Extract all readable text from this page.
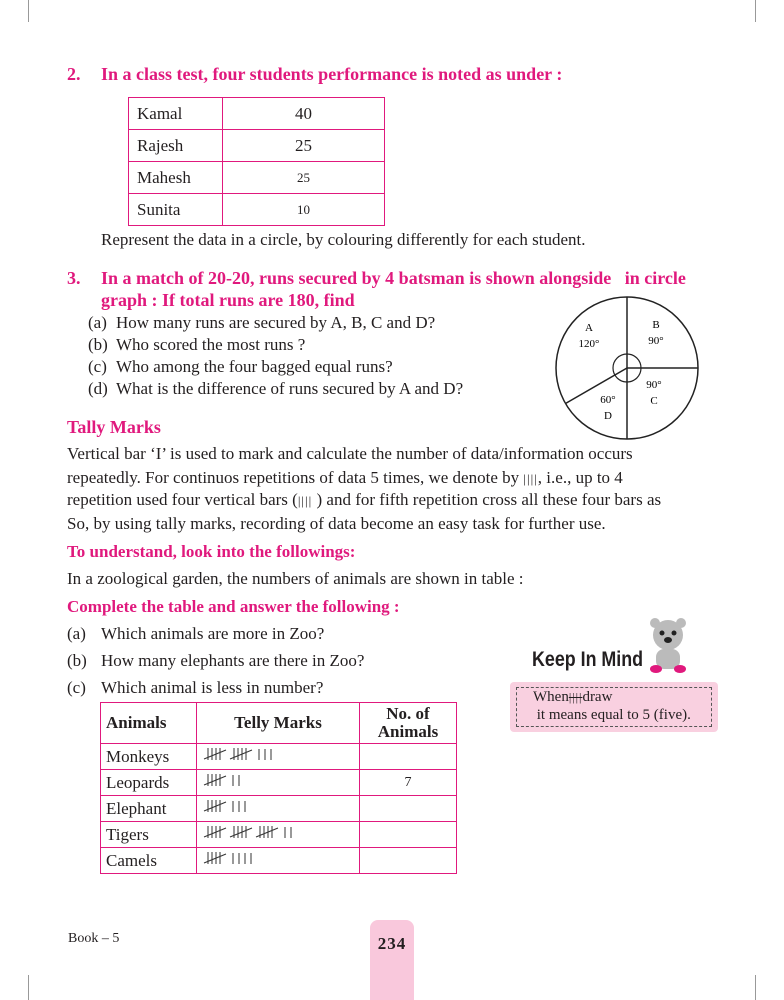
2. In a class test, four students performance is noted as under :
Kamal	40
Rajesh	25
Mahesh	25
Sunita	10
Represent the data in a circle, by colouring differently for each student.
3. In a match of 20-20, runs secured by 4 batsman is shown alongside   in circle
graph : If total runs are 180, find
(a) How many runs are secured by A, B, C and D?
(b) Who scored the most runs ?
(c) Who among the four bagged equal runs?
(d) What is the difference of runs secured by A and D?
A
120°
B
90°
90°
C
60°
D
Tally Marks
Vertical bar ‘I’ is used to mark and calculate the number of data/information occurs
repeatedly. For continuos repetitions of data 5 times, we denote by ||||, i.e., up to 4
repetition used four vertical bars (|||| ) and for fifth repetition cross all these four bars as
So, by using tally marks, recording of data become an easy task for further use.
To understand, look into the followings:
In a zoological garden, the numbers of animals are shown in table :
Complete the table and answer the following :
(a) Which animals are more in Zoo?
(b) How many elephants are there in Zoo?
(c) Which animal is less in number?
Animals	Telly Marks	No. of Animals
Monkeys		
Leopards		7
Elephant		
Tigers		
Camels		
Keep In Mind
When||||draw
it means equal to 5 (five).
Book – 5	234
